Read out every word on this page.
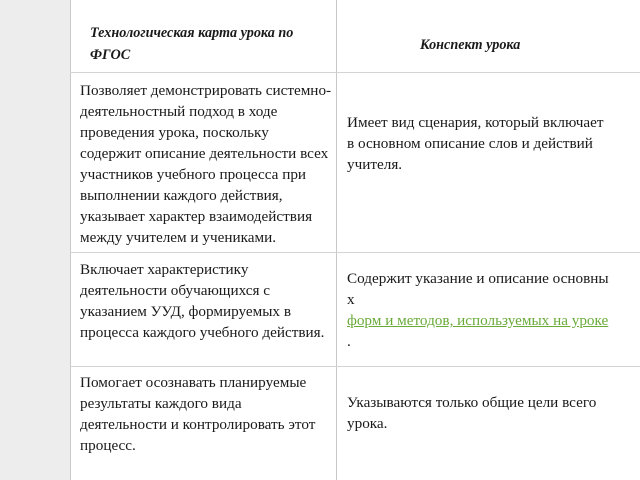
Технологическая карта урока по ФГОС
Конспект урока
Позволяет демонстрировать системно-деятельностный подход в ходе проведения урока, поскольку содержит описание деятельности всех участников учебного процесса при выполнении каждого действия, указывает характер взаимодействия между учителем и учениками.
Имеет вид сценария, который включает в основном описание слов и действий учителя.
Включает характеристику деятельности обучающихся с указанием УУД, формируемых в процесса каждого учебного действия.
Содержит указание и описание основных
форм и методов, используемых на уроке
.
Помогает осознавать планируемые результаты каждого вида деятельности и контролировать этот процесс.
Указываются только общие цели всего урока.
